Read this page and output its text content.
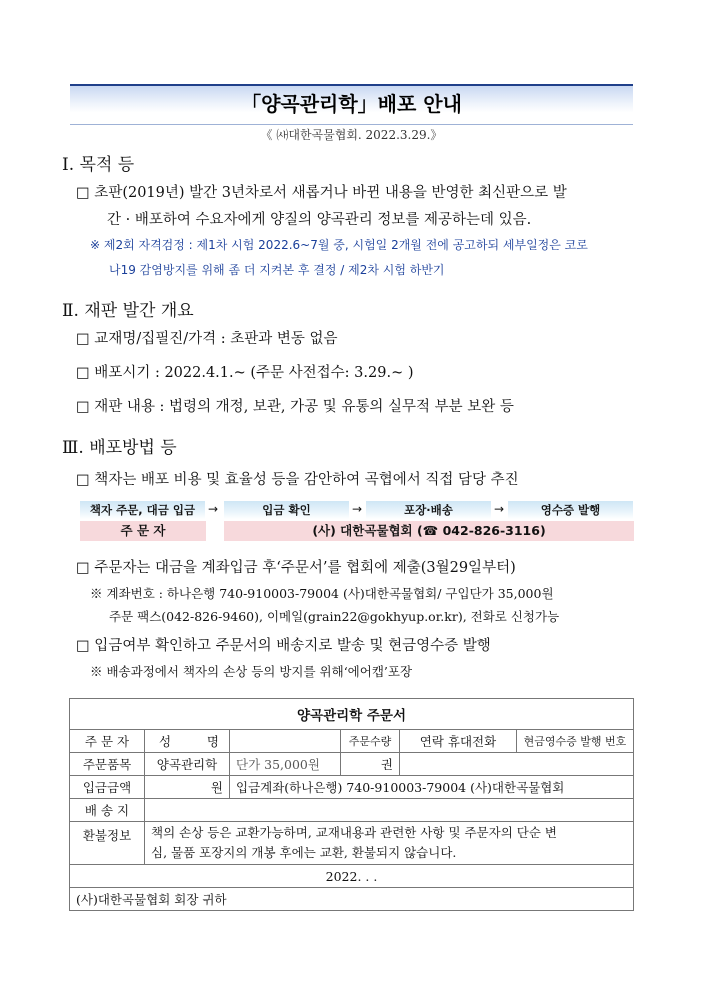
「양곡관리학」배포 안내
《 ㈔대한곡물협회. 2022.3.29.》
Ⅰ. 목적 등
□ 초판(2019년) 발간 3년차로서 새롭거나 바뀐 내용을 반영한 최신판으로 발
간 · 배포하여 수요자에게 양질의 양곡관리 정보를 제공하는데 있음.
※ 제2회 자격검정 : 제1차 시험 2022.6~7월 중, 시험일 2개월 전에 공고하되 세부일정은 코로
나19 감염방지를 위해 좀 더 지켜본 후 결정 / 제2차 시험 하반기
Ⅱ. 재판 발간 개요
□ 교재명/집필진/가격 : 초판과 변동 없음
□ 배포시기 : 2022.4.1.~ (주문 사전접수: 3.29.~ )
□ 재판 내용 : 법령의 개정, 보관, 가공 및 유통의 실무적 부분 보완 등
Ⅲ. 배포방법 등
□ 책자는 배포 비용 및 효율성 등을 감안하여 곡협에서 직접 담당 추진
책자 주문, 대금 입금	→	입금 확인	→	포장·배송	→	영수증 발행
주 문 자	(사) 대한곡물협회 (☎ 042-826-3116)
□ 주문자는 대금을 계좌입금 후‘주문서’를 협회에 제출(3월29일부터)
※ 계좌번호 : 하나은행 740-910003-79004 (사)대한곡물협회/ 구입단가 35,000원
주문 팩스(042-826-9460), 이메일(grain22@gokhyup.or.kr), 전화로 신청가능
□ 입금여부 확인하고 주문서의 배송지로 발송 및 현금영수증 발행
※ 배송과정에서 책자의 손상 등의 방지를 위해‘에어캡’포장
양곡관리학 주문서					
주 문 자	성 명		주문수량	연락 휴대전화	현금영수증 발행 번호
주문품목	양곡관리학	단가 35,000원	권		
입금금액	원	입금계좌(하나은행) 740-910003-79004 (사)대한곡물협회			
배 송 지					
환불정보	책의 손상 등은 교환가능하며, 교재내용과 관련한 사항 및 주문자의 단순 변
심, 물품 포장지의 개봉 후에는 교환, 환불되지 않습니다.				

2022. . .					
(사)대한곡물협회 회장 귀하					
